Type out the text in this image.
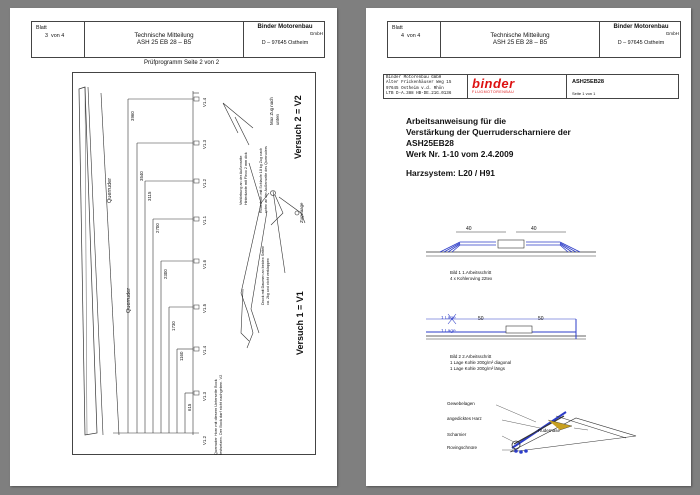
Blatt
3 von 4	Technische Mitteilung
ASH 25 EB 28 – B5
Binder Motorenbau
GmbH
D – 97645 Ostheim
Prüfprogramm Seite 2 von 2
3960
3540
3115
2700
2300
1730
1160
615
V1.4
V1.3
V1.2
V1.1
V1.6
V1.5
V1.4
V1.3
V1.2
Querruder
Querruder
Versuch 2 = V2
Versuch 1 = V1
Max Zug nach unten
Zugwaage
Verklebung an der Außenseite Hinterkante mit Flexo 2 mm dick	Ruderhorn mit Schlaufe 18 kg Zug nach unten an der Außenseite des Querruders
Druck mit Daumen an beiden Seiten ca. 2kg und nicht verklappen
Querruder Horn mit diesem Unterseite Bock festsetzen. Der Bock darf nicht nachgeben. V2
Blatt
4 von 4	Technische Mitteilung
ASH 25 EB 28 – B5
Binder Motorenbau
GmbH
D – 97645 Ostheim
Binder Motorenbau GmbH
Alter Frickenhäuser Weg 15
97645 Ostheim v.d. Rhön
LTB D-A.388 HB-DE.21G.0136
binder
FLUGMOTORENBAU
ASH25EB28
Seite 1 von 1
Arbeitsanweisung für die
Verstärkung der Querruderscharniere der
ASH25EB28
Werk Nr. 1-10 vom 2.4.2009
Harzsystem: L20 / H91
40	40
Bild 1 1.Arbeitsschritt
4 x Kohleroving 22tex
1 Lage
1 Lage
50	50
Bild 2 2.Arbeitsschritt
1 Lage Kohle 200g/m² diagonal
1 Lage Kohle 200g/m² längs
Gewebelagen
angedicktes Harz
Rudernase
Scharnier
Rovingschnüre
